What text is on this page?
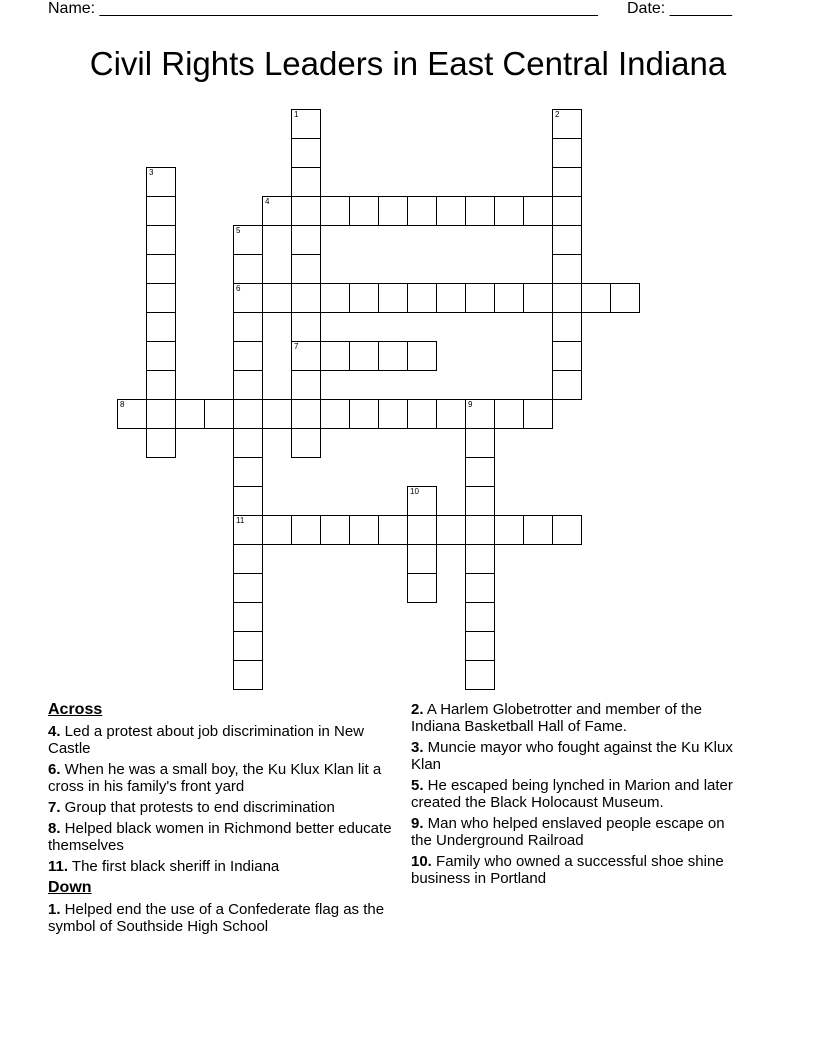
Name: ________________________________________________________ Date: _______
Civil Rights Leaders in East Central Indiana
1
7
2
3
4
5
6
11
8	9
10
Across
4. Led a protest about job discrimination in New Castle
6. When he was a small boy, the Ku Klux Klan lit a cross in his family's front yard
7. Group that protests to end discrimination
8. Helped black women in Richmond better educate themselves
11. The first black sheriff in Indiana
Down
1. Helped end the use of a Confederate flag as the symbol of Southside High School
2. A Harlem Globetrotter and member of the Indiana Basketball Hall of Fame.
3. Muncie mayor who fought against the Ku Klux Klan
5. He escaped being lynched in Marion and later created the Black Holocaust Museum.
9. Man who helped enslaved people escape on the Underground Railroad
10. Family who owned a successful shoe shine business in Portland
